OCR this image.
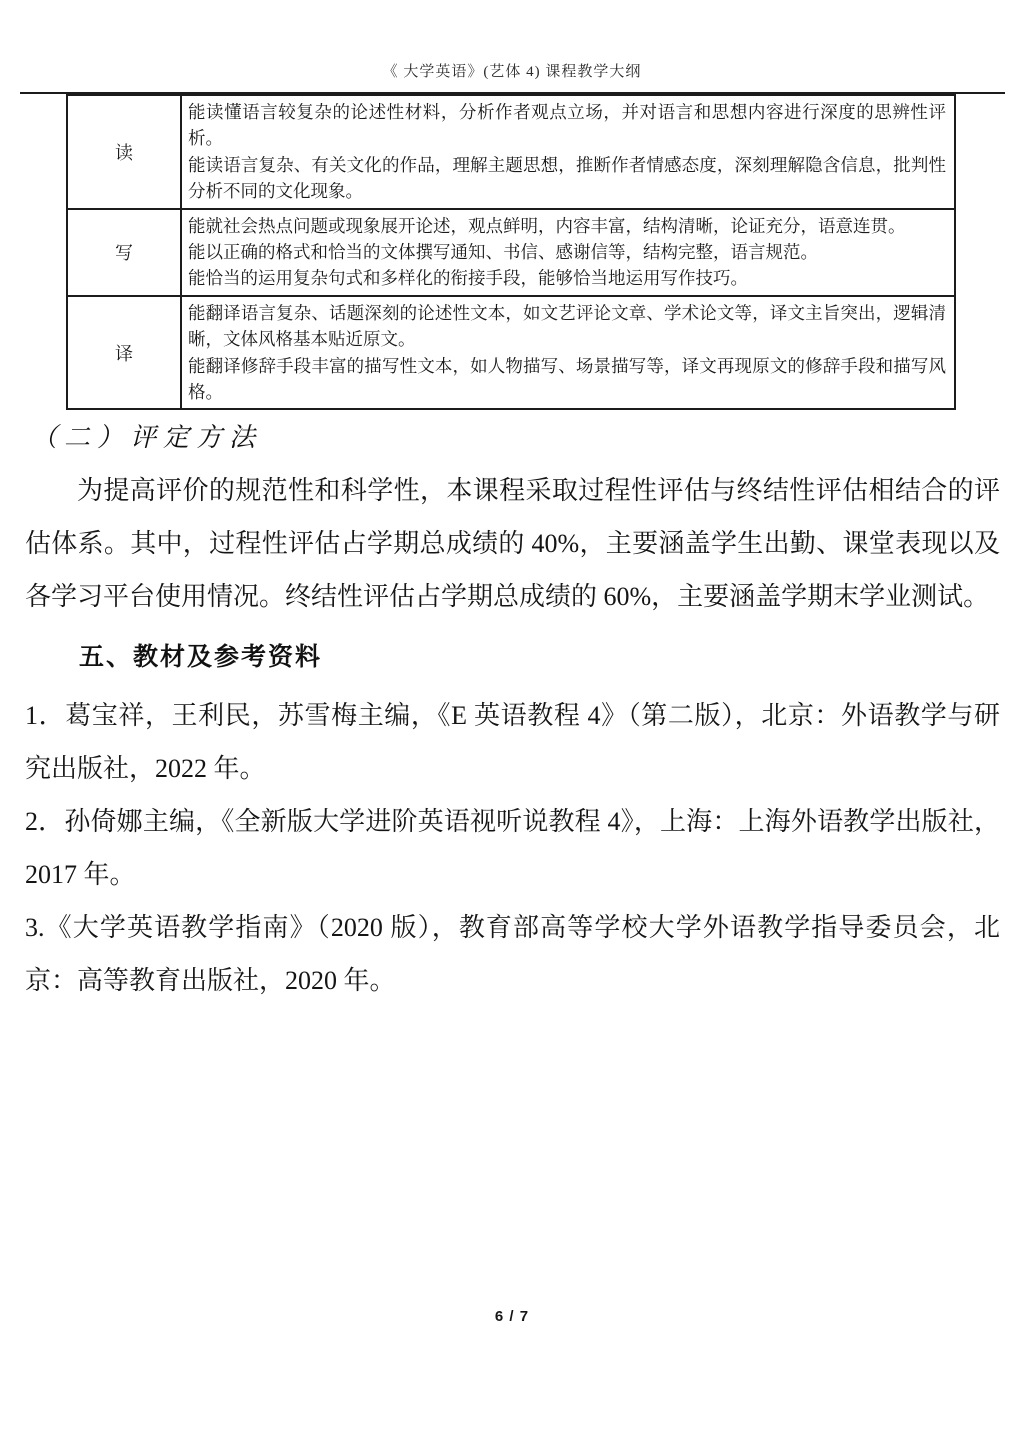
《 大学英语》(艺体 4) 课程教学大纲
读	能读懂语言较复杂的论述性材料，分析作者观点立场，并对语言和思想内容进行深度的思辨性评析。

能读语言复杂、有关文化的作品，理解主题思想，推断作者情感态度，深刻理解隐含信息，批判性分析不同的文化现象。

写	能就社会热点问题或现象展开论述，观点鲜明，内容丰富，结构清晰，论证充分，语意连贯。

能以正确的格式和恰当的文体撰写通知、书信、感谢信等，结构完整，语言规范。

能恰当的运用复杂句式和多样化的衔接手段，能够恰当地运用写作技巧。

译	能翻译语言复杂、话题深刻的论述性文本，如文艺评论文章、学术论文等，译文主旨突出，逻辑清晰，文体风格基本贴近原文。

能翻译修辞手段丰富的描写性文本，如人物描写、场景描写等，译文再现原文的修辞手段和描写风格。

（二）评定方法

为提高评价的规范性和科学性，本课程采取过程性评估与终结性评估相结合的评估体系。其中，过程性评估占学期总成绩的 40%，主要涵盖学生出勤、课堂表现以及各学习平台使用情况。终结性评估占学期总成绩的 60%，主要涵盖学期末学业测试。

五、教材及参考资料

1．葛宝祥，王利民，苏雪梅主编，《E 英语教程 4》（第二版），北京：外语教学与研究出版社，2022 年。

2．孙倚娜主编，《全新版大学进阶英语视听说教程 4》，上海：上海外语教学出版社，2017 年。

3.《大学英语教学指南》（2020 版），教育部高等学校大学外语教学指导委员会，北京：高等教育出版社，2020 年。

6 / 7
